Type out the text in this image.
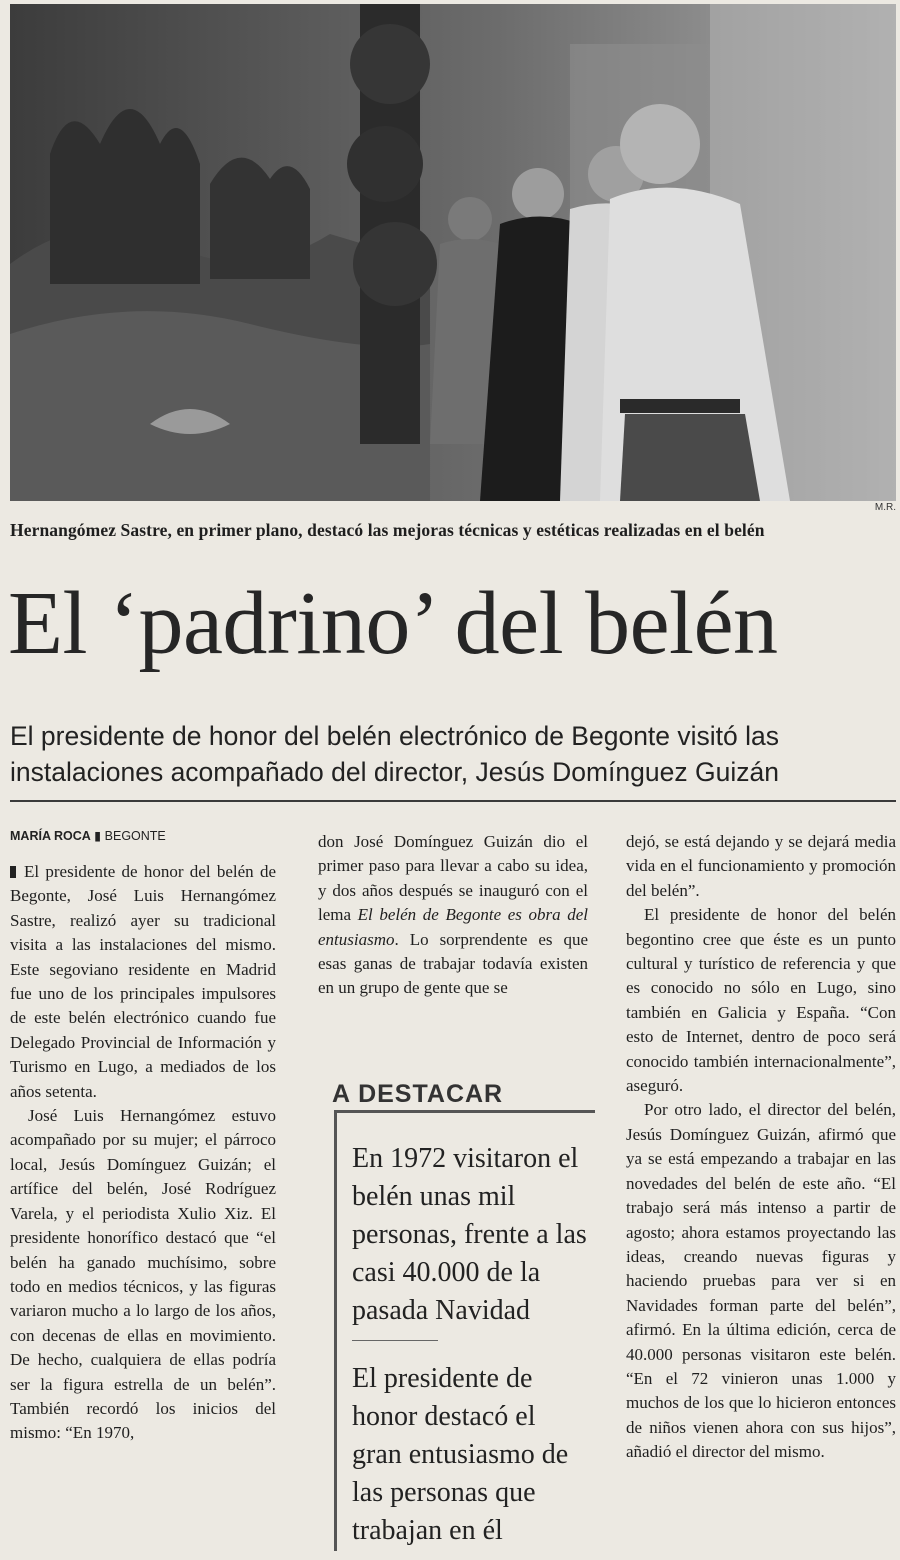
M.R.
Hernangómez Sastre, en primer plano, destacó las mejoras técnicas y estéticas realizadas en el belén
El ‘padrino’ del belén
El presidente de honor del belén electrónico de Begonte visitó las instalaciones acompañado del director, Jesús Domínguez Guizán
MARÍA ROCA ▮ BEGONTE

El presidente de honor del belén de Begonte, José Luis Hernangómez Sastre, realizó ayer su tradicional visita a las instalaciones del mismo. Este segoviano residente en Madrid fue uno de los principales impulsores de este belén electrónico cuando fue Delegado Provincial de Información y Turismo en Lugo, a mediados de los años setenta.

José Luis Hernangómez estuvo acompañado por su mujer; el párroco local, Jesús Domínguez Guizán; el artífice del belén, José Rodríguez Varela, y el periodista Xulio Xiz. El presidente honorífico destacó que “el belén ha ganado muchísimo, sobre todo en medios técnicos, y las figuras variaron mucho a lo largo de los años, con decenas de ellas en movimiento. De hecho, cualquiera de ellas podría ser la figura estrella de un belén”. También recordó los inicios del mismo: “En 1970,

don José Domínguez Guizán dio el primer paso para llevar a cabo su idea, y dos años después se inauguró con el lema El belén de Begonte es obra del entusiasmo. Lo sorprendente es que esas ganas de trabajar todavía existen en un grupo de gente que se

A DESTACAR
En 1972 visitaron el belén unas mil personas, frente a las casi 40.000 de la pasada Navidad
El presidente de honor destacó el gran entusiasmo de las personas que trabajan en él

dejó, se está dejando y se dejará media vida en el funcionamiento y promoción del belén”.

El presidente de honor del belén begontino cree que éste es un punto cultural y turístico de referencia y que es conocido no sólo en Lugo, sino también en Galicia y España. “Con esto de Internet, dentro de poco será conocido también internacionalmente”, aseguró.

Por otro lado, el director del belén, Jesús Domínguez Guizán, afirmó que ya se está empezando a trabajar en las novedades del belén de este año. “El trabajo será más intenso a partir de agosto; ahora estamos proyectando las ideas, creando nuevas figuras y haciendo pruebas para ver si en Navidades forman parte del belén”, afirmó. En la última edición, cerca de 40.000 personas visitaron este belén. “En el 72 vinieron unas 1.000 y muchos de los que lo hicieron entonces de niños vienen ahora con sus hijos”, añadió el director del mismo.
